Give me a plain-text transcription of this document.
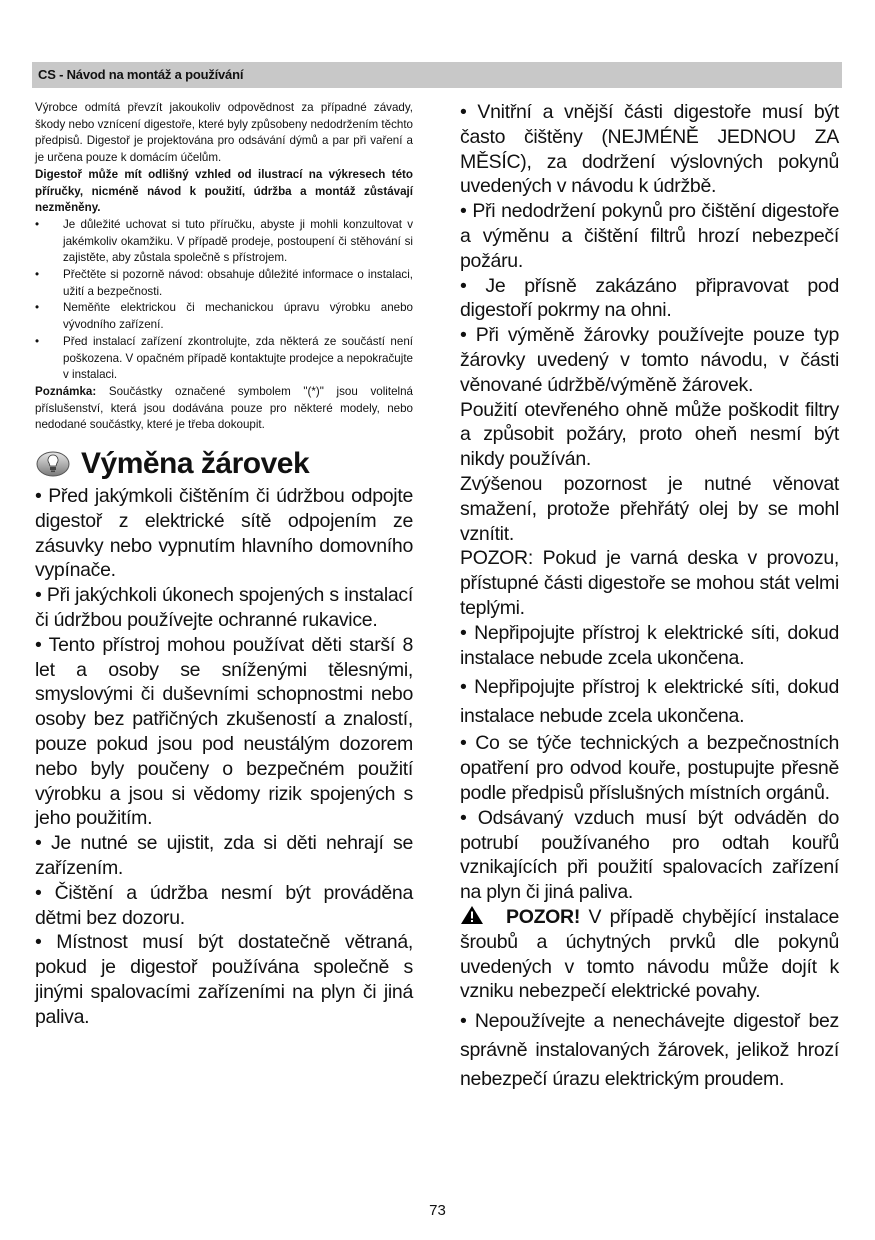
CS - Návod na montáž a používání

Výrobce odmítá převzít jakoukoliv odpovědnost za případné závady, škody nebo vznícení digestoře, které byly způsobeny nedodržením těchto předpisů. Digestoř je projektována pro odsávání dýmů a par při vaření a je určena pouze k domácím účelům.

Digestoř může mít odlišný vzhled od ilustrací na výkresech této příručky, nicméně návod k použití, údržba a montáž zůstávají nezměněny.

• Je důležité uchovat si tuto příručku, abyste ji mohli konzultovat v jakémkoliv okamžiku. V případě prodeje, postoupení či stěhování si zajistěte, aby zůstala společně s přístrojem.
• Přečtěte si pozorně návod: obsahuje důležité informace o instalaci, užití a bezpečnosti.
• Neměňte elektrickou či mechanickou úpravu výrobku anebo vývodního zařízení.
• Před instalací zařízení zkontrolujte, zda některá ze součástí není poškozena. V opačném případě kontaktujte prodejce a nepokračujte v instalaci.

Poznámka: Součástky označené symbolem "(*)" jsou volitelná příslušenství, která jsou dodávána pouze pro některé modely, nebo nedodané součástky, které je třeba dokoupit.

Výměna žárovek

• Před jakýmkoli čištěním či údržbou odpojte digestoř z elektrické sítě odpojením ze zásuvky nebo vypnutím hlavního domovního vypínače.

• Při jakýchkoli úkonech spojených s instalací či údržbou používejte ochranné rukavice.

• Tento přístroj mohou používat děti starší 8 let a osoby se sníženými tělesnými, smyslovými či duševními schopnostmi nebo osoby bez patřičných zkušeností a znalostí, pouze pokud jsou pod neustálým dozorem nebo byly poučeny o bezpečném použití výrobku a jsou si vědomy rizik spojených s jeho použitím.

• Je nutné se ujistit, zda si děti nehrají se zařízením.

• Čištění a údržba nesmí být prováděna dětmi bez dozoru.

• Místnost musí být dostatečně větraná, pokud je digestoř používána společně s jinými spalovacími zařízeními na plyn či jiná paliva.

• Vnitřní a vnější části digestoře musí být často čištěny (NEJMÉNĚ JEDNOU ZA MĚSÍC), za dodržení výslovných pokynů uvedených v návodu k údržbě.

• Při nedodržení pokynů pro čištění digestoře a výměnu a čištění filtrů hrozí nebezpečí požáru.

• Je přísně zakázáno připravovat pod digestoří pokrmy na ohni.

• Při výměně žárovky používejte pouze typ žárovky uvedený v tomto návodu, v části věnované údržbě/výměně žárovek.

Použití otevřeného ohně může poškodit filtry a způsobit požáry, proto oheň nesmí být nikdy používán.

Zvýšenou pozornost je nutné věnovat smažení, protože přehřátý olej by se mohl vznítit.

POZOR: Pokud je varná deska v provozu, přístupné části digestoře se mohou stát velmi teplými.

• Nepřipojujte přístroj k elektrické síti, dokud instalace nebude zcela ukončena.

• Nepřipojujte přístroj k elektrické síti, dokud instalace nebude zcela ukončena.

• Co se týče technických a bezpečnostních opatření pro odvod kouře, postupujte přesně podle předpisů příslušných místních orgánů.

• Odsávaný vzduch musí být odváděn do potrubí používaného pro odtah kouřů vznikajících při použití spalovacích zařízení na plyn či jiná paliva.

POZOR! V případě chybějící instalace šroubů a úchytných prvků dle pokynů uvedených v tomto návodu může dojít k vzniku nebezpečí elektrické povahy.

• Nepoužívejte a nenechávejte digestoř bez správně instalovaných žárovek, jelikož hrozí nebezpečí úrazu elektrickým proudem.

73
